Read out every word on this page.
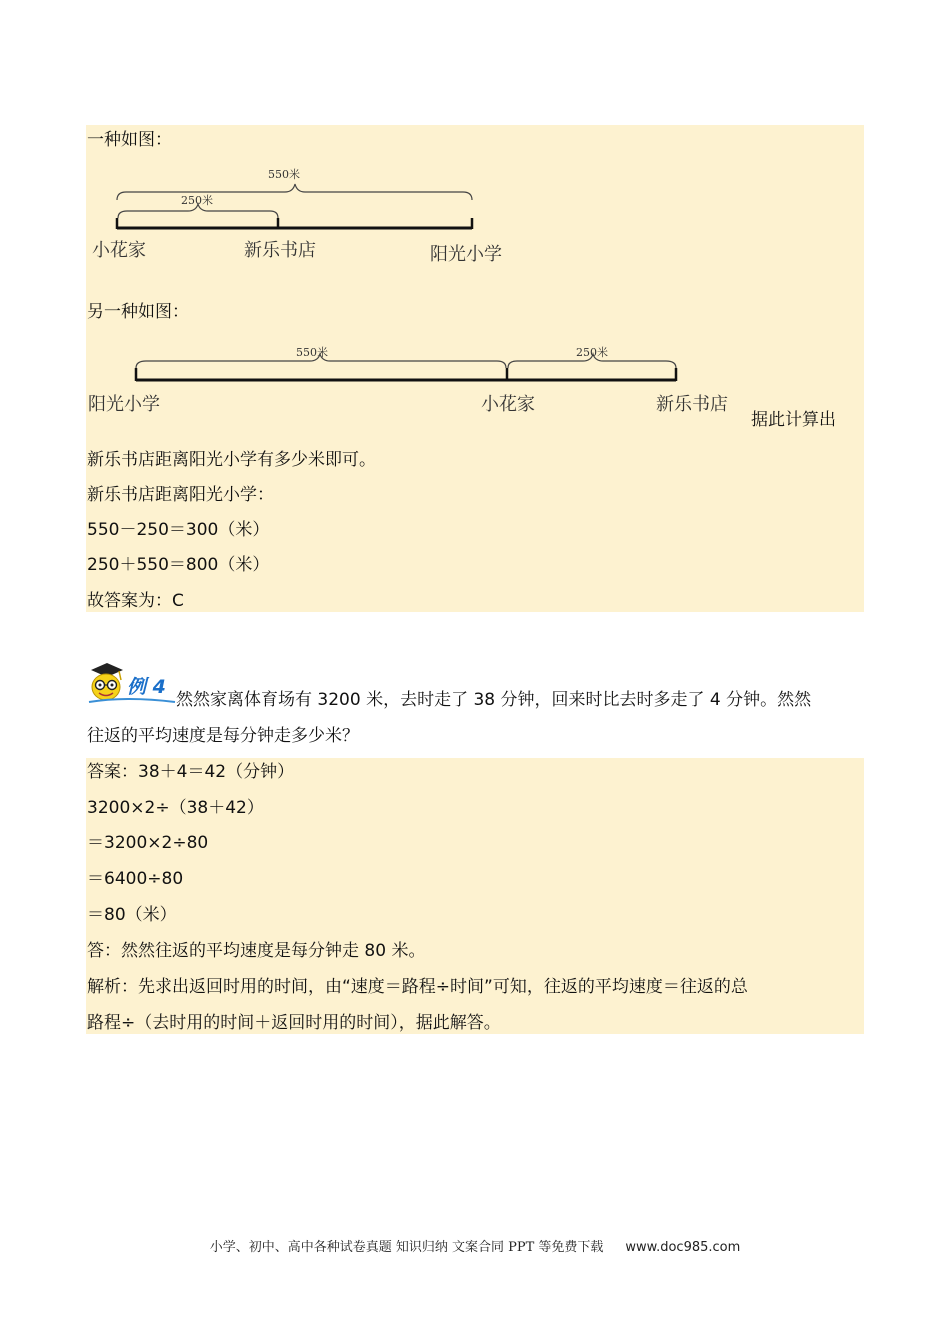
一种如图：
550米
250米
小花家	新乐书店	阳光小学
另一种如图：
550米	250米
阳光小学	小花家	新乐书店
据此计算出
新乐书店距离阳光小学有多少米即可。
新乐书店距离阳光小学：
550－250＝300（米）
250＋550＝800（米）
故答案为：C
例 4
然然家离体育场有 3200 米，去时走了 38 分钟，回来时比去时多走了 4 分钟。然然
往返的平均速度是每分钟走多少米？
答案：38＋4＝42（分钟）
3200×2÷（38＋42）
＝3200×2÷80
＝6400÷80
＝80（米）
答：然然往返的平均速度是每分钟走 80 米。
解析：先求出返回时用的时间，由“速度＝路程÷时间”可知，往返的平均速度＝往返的总
路程÷（去时用的时间＋返回时用的时间），据此解答。
小学、初中、高中各种试卷真题 知识归纳 文案合同 PPT 等免费下载 www.doc985.com
